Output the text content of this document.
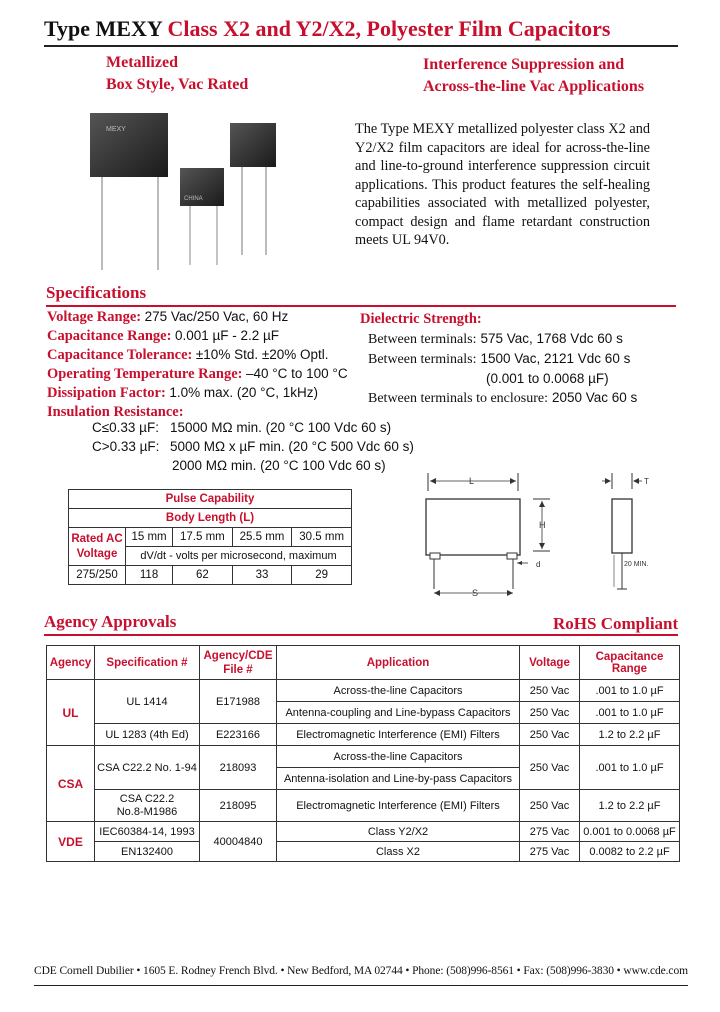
Type MEXY Class X2 and Y2/X2, Polyester Film Capacitors
Metallized
Box Style, Vac Rated
Interference Suppression and
Across-the-line Vac Applications
MEXY
CHINA
The Type MEXY metallized polyester class X2 and Y2/X2 film capacitors are ideal for across-the-line and line-to-ground interference suppression circuit applications. This product features the self-healing capabilities associated with metallized polyester, compact design and flame retardant construction meets UL 94V0.
Specifications
Voltage Range: 275 Vac/250 Vac, 60 Hz
Capacitance Range: 0.001 µF - 2.2 µF
Capacitance Tolerance: ±10% Std. ±20% Optl.
Operating Temperature Range: –40 °C to 100 °C
Dissipation Factor: 1.0% max. (20 °C, 1kHz)
Insulation Resistance:
C≤0.33 µF: 15000 MΩ min. (20 °C 100 Vdc 60 s)
C>0.33 µF: 5000 MΩ x µF min. (20 °C 500 Vdc 60 s)
2000 MΩ min. (20 °C 100 Vdc 60 s)
Dielectric Strength:
Between terminals: 575 Vac, 1768 Vdc 60 s
Between terminals: 1500 Vac, 2121 Vdc 60 s
(0.001 to 0.0068 µF)
Between terminals to enclosure: 2050 Vac 60 s
Pulse Capability				
Body Length (L)				

Rated AC
Voltage	15 mm	17.5 mm	25.5 mm	30.5 mm
	dV/dt - volts per microsecond, maximum			
275/250	118	62	33	29
L
H
d
S
T
20 MIN.
Agency Approvals	RoHS Compliant
Agency	Specification #	Agency/CDE File #	Application	Voltage	Capacitance Range
UL	UL 1414	E171988	Across-the-line Capacitors	250 Vac	.001 to 1.0 µF
			Antenna-coupling and Line-bypass Capacitors	250 Vac	.001 to 1.0 µF
	UL 1283 (4th Ed)	E223166	Electromagnetic Interference (EMI) Filters	250 Vac	1.2 to 2.2 µF
CSA	CSA C22.2 No. 1-94	218093	Across-the-line Capacitors	250 Vac	.001 to 1.0 µF
			Antenna-isolation and Line-by-pass Capacitors		

	CSA C22.2
No.8-M1986	218095	Electromagnetic Interference (EMI) Filters	250 Vac	1.2 to 2.2 µF
VDE	IEC60384-14, 1993	40004840	Class Y2/X2	275 Vac	0.001 to 0.0068 µF
	EN132400		Class X2	275 Vac	0.0082 to 2.2 µF
CDE Cornell Dubilier • 1605 E. Rodney French Blvd. • New Bedford, MA 02744 • Phone: (508)996-8561 • Fax: (508)996-3830 • www.cde.com
